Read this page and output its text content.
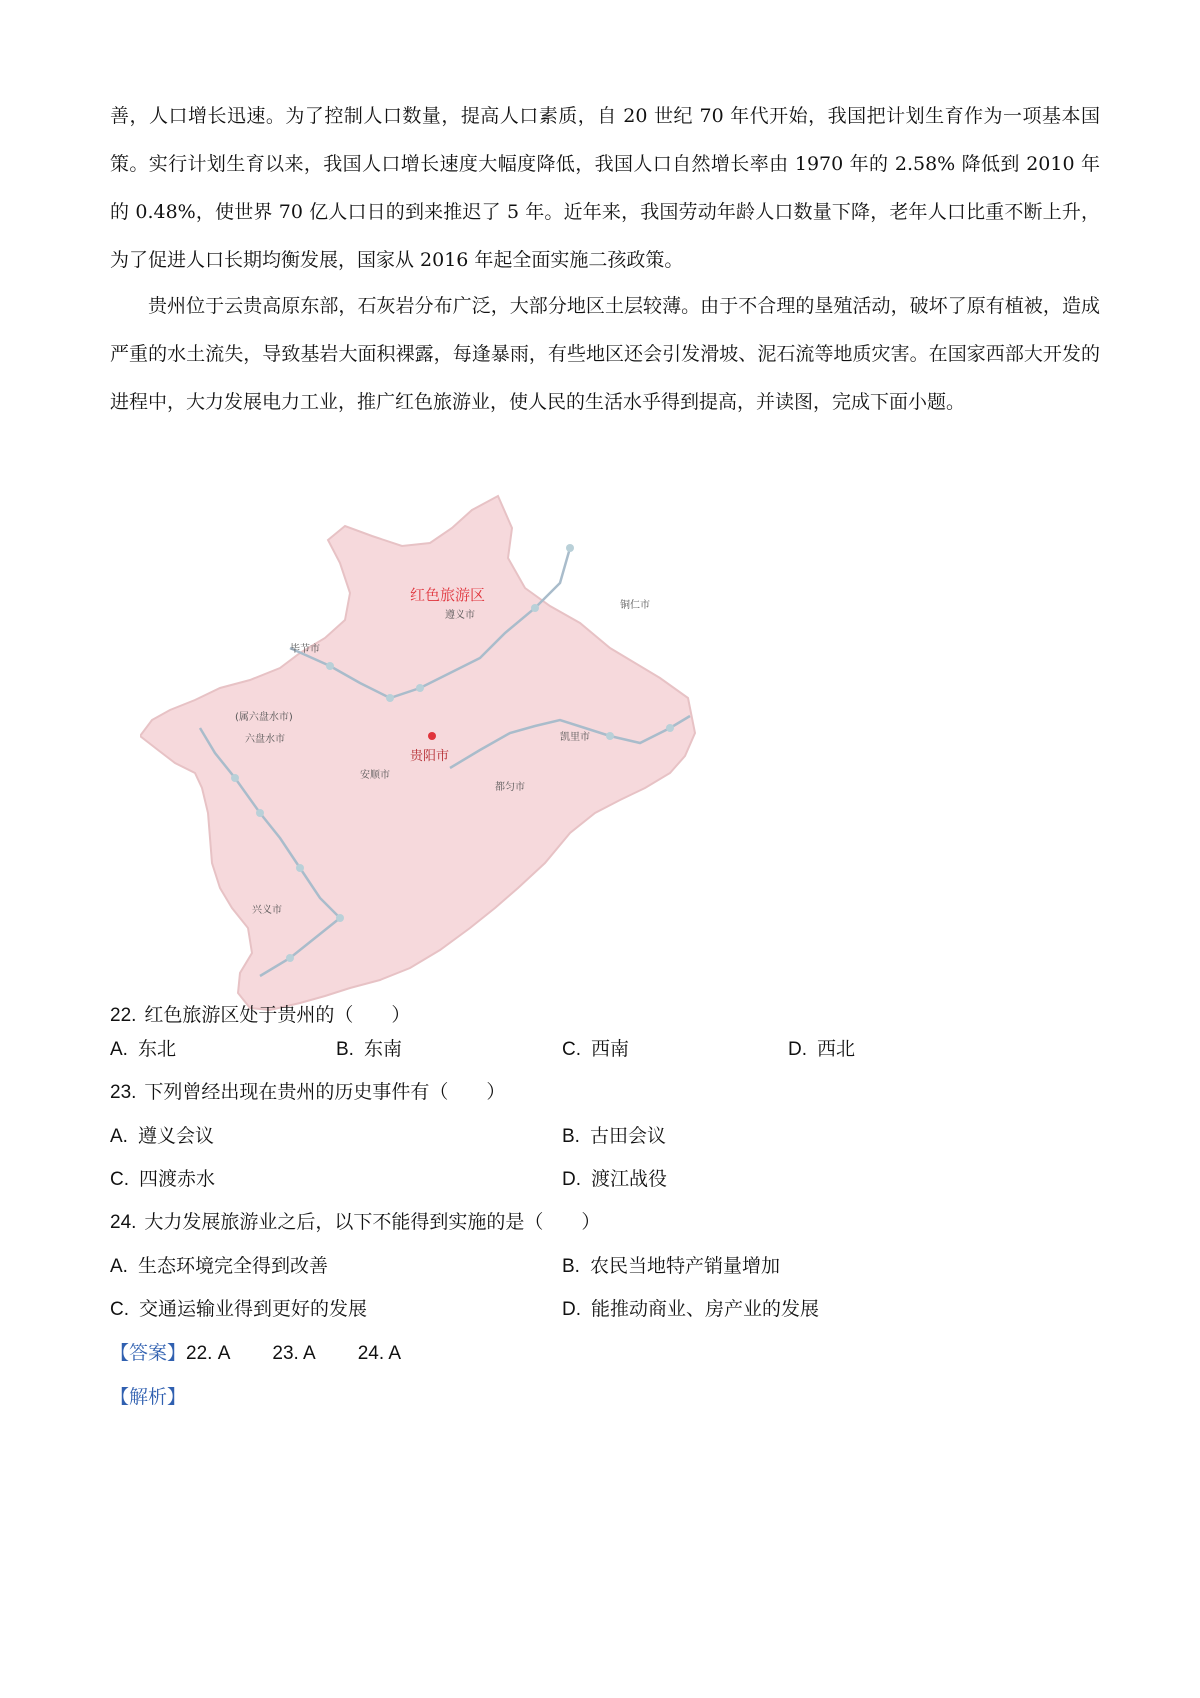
善，人口增长迅速。为了控制人口数量，提高人口素质，自 20 世纪 70 年代开始，我国把计划生育作为一项基本国策。实行计划生育以来，我国人口增长速度大幅度降低，我国人口自然增长率由 1970 年的 2.58% 降低到 2010 年的 0.48%，使世界 70 亿人口日的到来推迟了 5 年。近年来，我国劳动年龄人口数量下降，老年人口比重不断上升，为了促进人口长期均衡发展，国家从 2016 年起全面实施二孩政策。
贵州位于云贵高原东部，石灰岩分布广泛，大部分地区土层较薄。由于不合理的垦殖活动，破坏了原有植被，造成严重的水土流失，导致基岩大面积裸露，每逢暴雨，有些地区还会引发滑坡、泥石流等地质灾害。在国家西部大开发的进程中，大力发展电力工业，推广红色旅游业，使人民的生活水乎得到提高，并读图，完成下面小题。
红色旅游区
遵义市
铜仁市
毕节市
(属六盘水市)
六盘水市
安顺市
凯里市
都匀市
兴义市
贵阳市
22. 红色旅游区处于贵州的（　　）
A. 东北	B. 东南	C. 西南	D. 西北
23. 下列曾经出现在贵州的历史事件有（　　）
A. 遵义会议	B. 古田会议
C. 四渡赤水	D. 渡江战役
24. 大力发展旅游业之后，以下不能得到实施的是（　　）
A. 生态环境完全得到改善	B. 农民当地特产销量增加
C. 交通运输业得到更好的发展	D. 能推动商业、房产业的发展
【答案】22. A 23. A 24. A
【解析】
